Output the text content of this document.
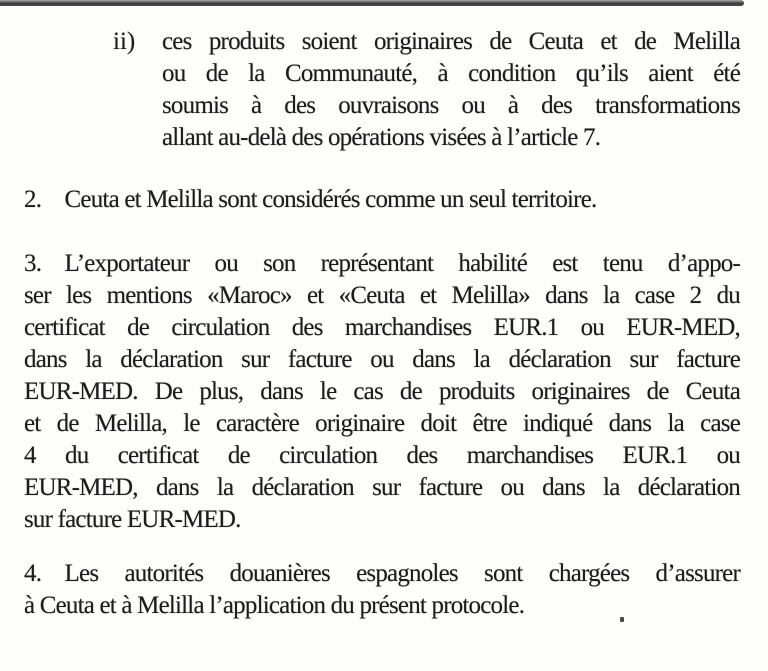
ii) ces produits soient originaires de Ceuta et de Melilla
ou de la Communauté, à condition qu’ils aient été
soumis à des ouvraisons ou à des transformations
allant au-delà des opérations visées à l’article 7.
2.  Ceuta et Melilla sont considérés comme un seul territoire.
3.  L’exportateur ou son représentant habilité est tenu d’appo-
ser les mentions «Maroc» et «Ceuta et Melilla» dans la case 2 du
certificat de circulation des marchandises EUR.1 ou EUR-MED,
dans la déclaration sur facture ou dans la déclaration sur facture
EUR-MED. De plus, dans le cas de produits originaires de Ceuta
et de Melilla, le caractère originaire doit être indiqué dans la case
4 du certificat de circulation des marchandises EUR.1 ou
EUR-MED, dans la déclaration sur facture ou dans la déclaration
sur facture EUR-MED.
4.  Les autorités douanières espagnoles sont chargées d’assurer
à Ceuta et à Melilla l’application du présent protocole.
